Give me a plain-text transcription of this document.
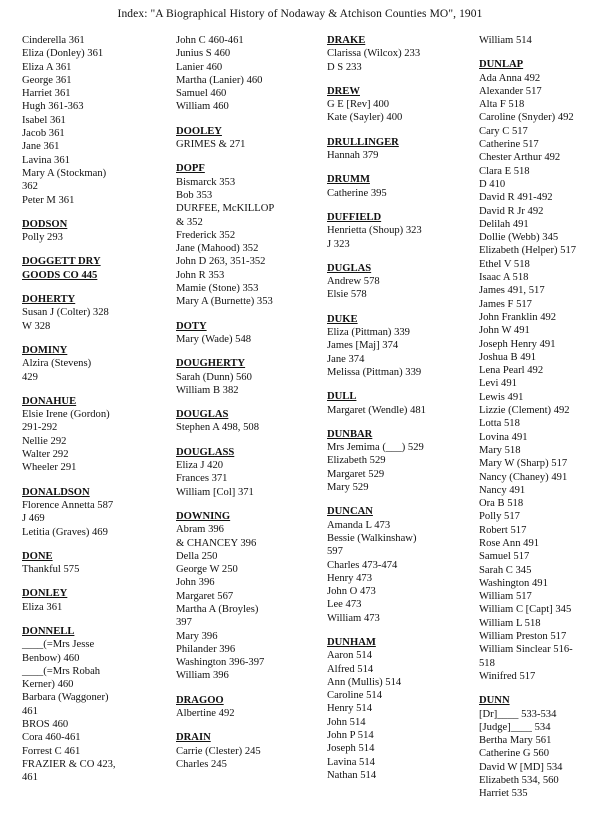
Index: "A Biographical History of Nodaway & Atchison Counties MO", 1901
Cinderella 361
Eliza (Donley) 361
Eliza A 361
George 361
Harriet 361
Hugh 361-363
Isabel 361
Jacob 361
Jane 361
Lavina 361
Mary A (Stockman)
362
Peter M 361
DODSON
Polly 293
DOGGETT DRY
GOODS CO 445
DOHERTY
Susan J (Colter) 328
W 328
DOMINY
Alzira (Stevens)
429
DONAHUE
Elsie Irene (Gordon)
291-292
Nellie 292
Walter 292
Wheeler 291
DONALDSON
Florence Annetta 587
J 469
Letitia (Graves) 469
DONE
Thankful 575
DONLEY
Eliza 361
DONNELL
____(=Mrs Jesse
Benbow) 460
____(=Mrs Robah
Kerner) 460
Barbara (Waggoner)
461
BROS 460
Cora 460-461
Forrest C 461
FRAZIER & CO 423,
461
John C 460-461
Junius S 460
Lanier 460
Martha (Lanier) 460
Samuel 460
William 460
DOOLEY
GRIMES & 271
DOPF
Bismarck 353
Bob 353
DURFEE, McKILLOP
& 352
Frederick 352
Jane (Mahood) 352
John D 263, 351-352
John R 353
Mamie (Stone) 353
Mary A (Burnette) 353
DOTY
Mary (Wade) 548
DOUGHERTY
Sarah (Dunn) 560
William B 382
DOUGLAS
Stephen A 498, 508
DOUGLASS
Eliza J 420
Frances 371
William [Col] 371
DOWNING
Abram 396
& CHANCEY 396
Della 250
George W 250
John 396
Margaret 567
Martha A (Broyles)
397
Mary 396
Philander 396
Washington 396-397
William 396
DRAGOO
Albertine 492
DRAIN
Carrie (Clester) 245
Charles 245
DRAKE
Clarissa (Wilcox) 233
D S 233
DREW
G E [Rev] 400
Kate (Sayler) 400
DRULLINGER
Hannah 379
DRUMM
Catherine 395
DUFFIELD
Henrietta (Shoup) 323
J 323
DUGLAS
Andrew 578
Elsie 578
DUKE
Eliza (Pittman) 339
James [Maj] 374
Jane 374
Melissa (Pittman) 339
DULL
Margaret (Wendle) 481
DUNBAR
Mrs Jemima (___) 529
Elizabeth 529
Margaret 529
Mary 529
DUNCAN
Amanda L 473
Bessie (Walkinshaw)
597
Charles 473-474
Henry 473
John O 473
Lee 473
William 473
DUNHAM
Aaron 514
Alfred 514
Ann (Mullis) 514
Caroline 514
Henry 514
John 514
John P 514
Joseph 514
Lavina 514
Nathan 514
William 514
DUNLAP
Ada Anna 492
Alexander 517
Alta F 518
Caroline (Snyder) 492
Cary C 517
Catherine 517
Chester Arthur 492
Clara E 518
D 410
David R 491-492
David R Jr 492
Delilah 491
Dollie (Webb) 345
Elizabeth (Helper) 517
Ethel V 518
Isaac A 518
James 491, 517
James F 517
John Franklin 492
John W 491
Joseph Henry 491
Joshua B 491
Lena Pearl 492
Levi 491
Lewis 491
Lizzie (Clement) 492
Lotta 518
Lovina 491
Mary 518
Mary W (Sharp) 517
Nancy (Chaney) 491
Nancy 491
Ora B 518
Polly 517
Robert 517
Rose Ann 491
Samuel 517
Sarah C 345
Washington 491
William 517
William C [Capt] 345
William L 518
William Preston 517
William Sinclear 516-
518
Winifred 517
DUNN
[Dr]____ 533-534
[Judge]____ 534
Bertha Mary 561
Catherine G 560
David W [MD] 534
Elizabeth 534, 560
Harriet 535
